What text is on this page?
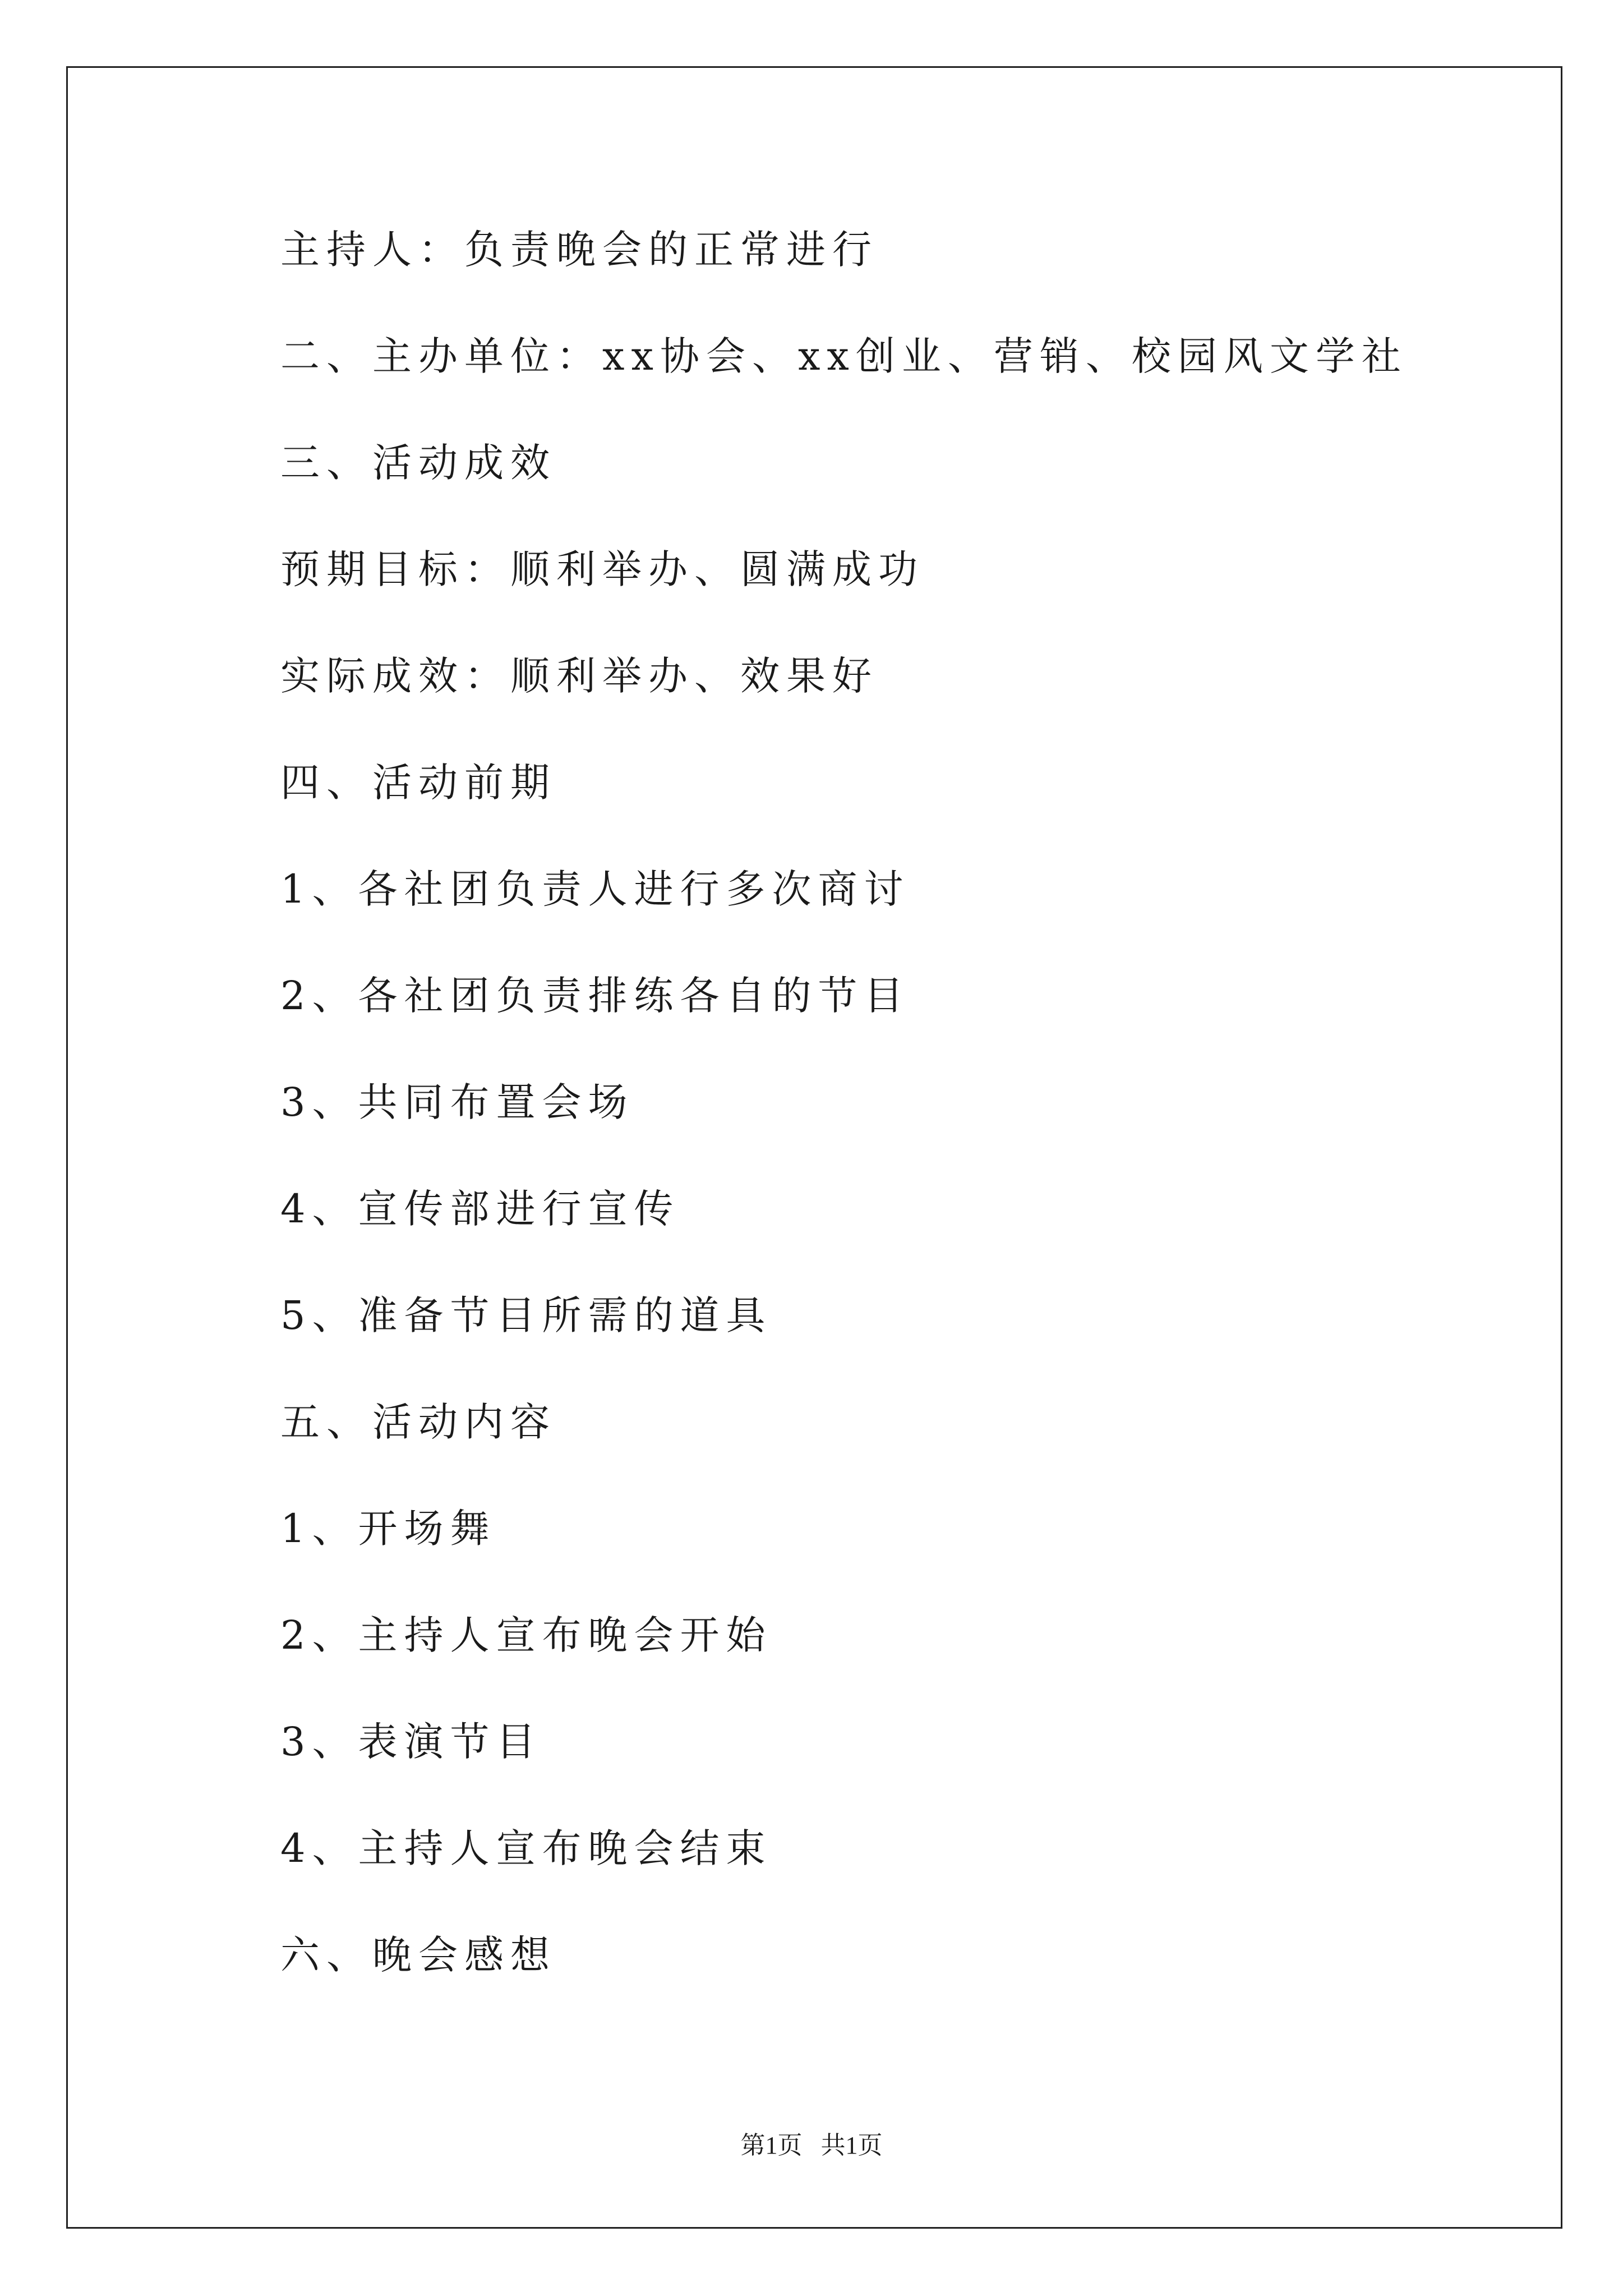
主持人：负责晚会的正常进行
二、主办单位：xx协会、xx创业、营销、校园风文学社
三、活动成效
预期目标：顺利举办、圆满成功
实际成效：顺利举办、效果好
四、活动前期
1、各社团负责人进行多次商讨
2、各社团负责排练各自的节目
3、共同布置会场
4、宣传部进行宣传
5、准备节目所需的道具
五、活动内容
1、开场舞
2、主持人宣布晚会开始
3、表演节目
4、主持人宣布晚会结束
六、晚会感想
第1页   共1页
